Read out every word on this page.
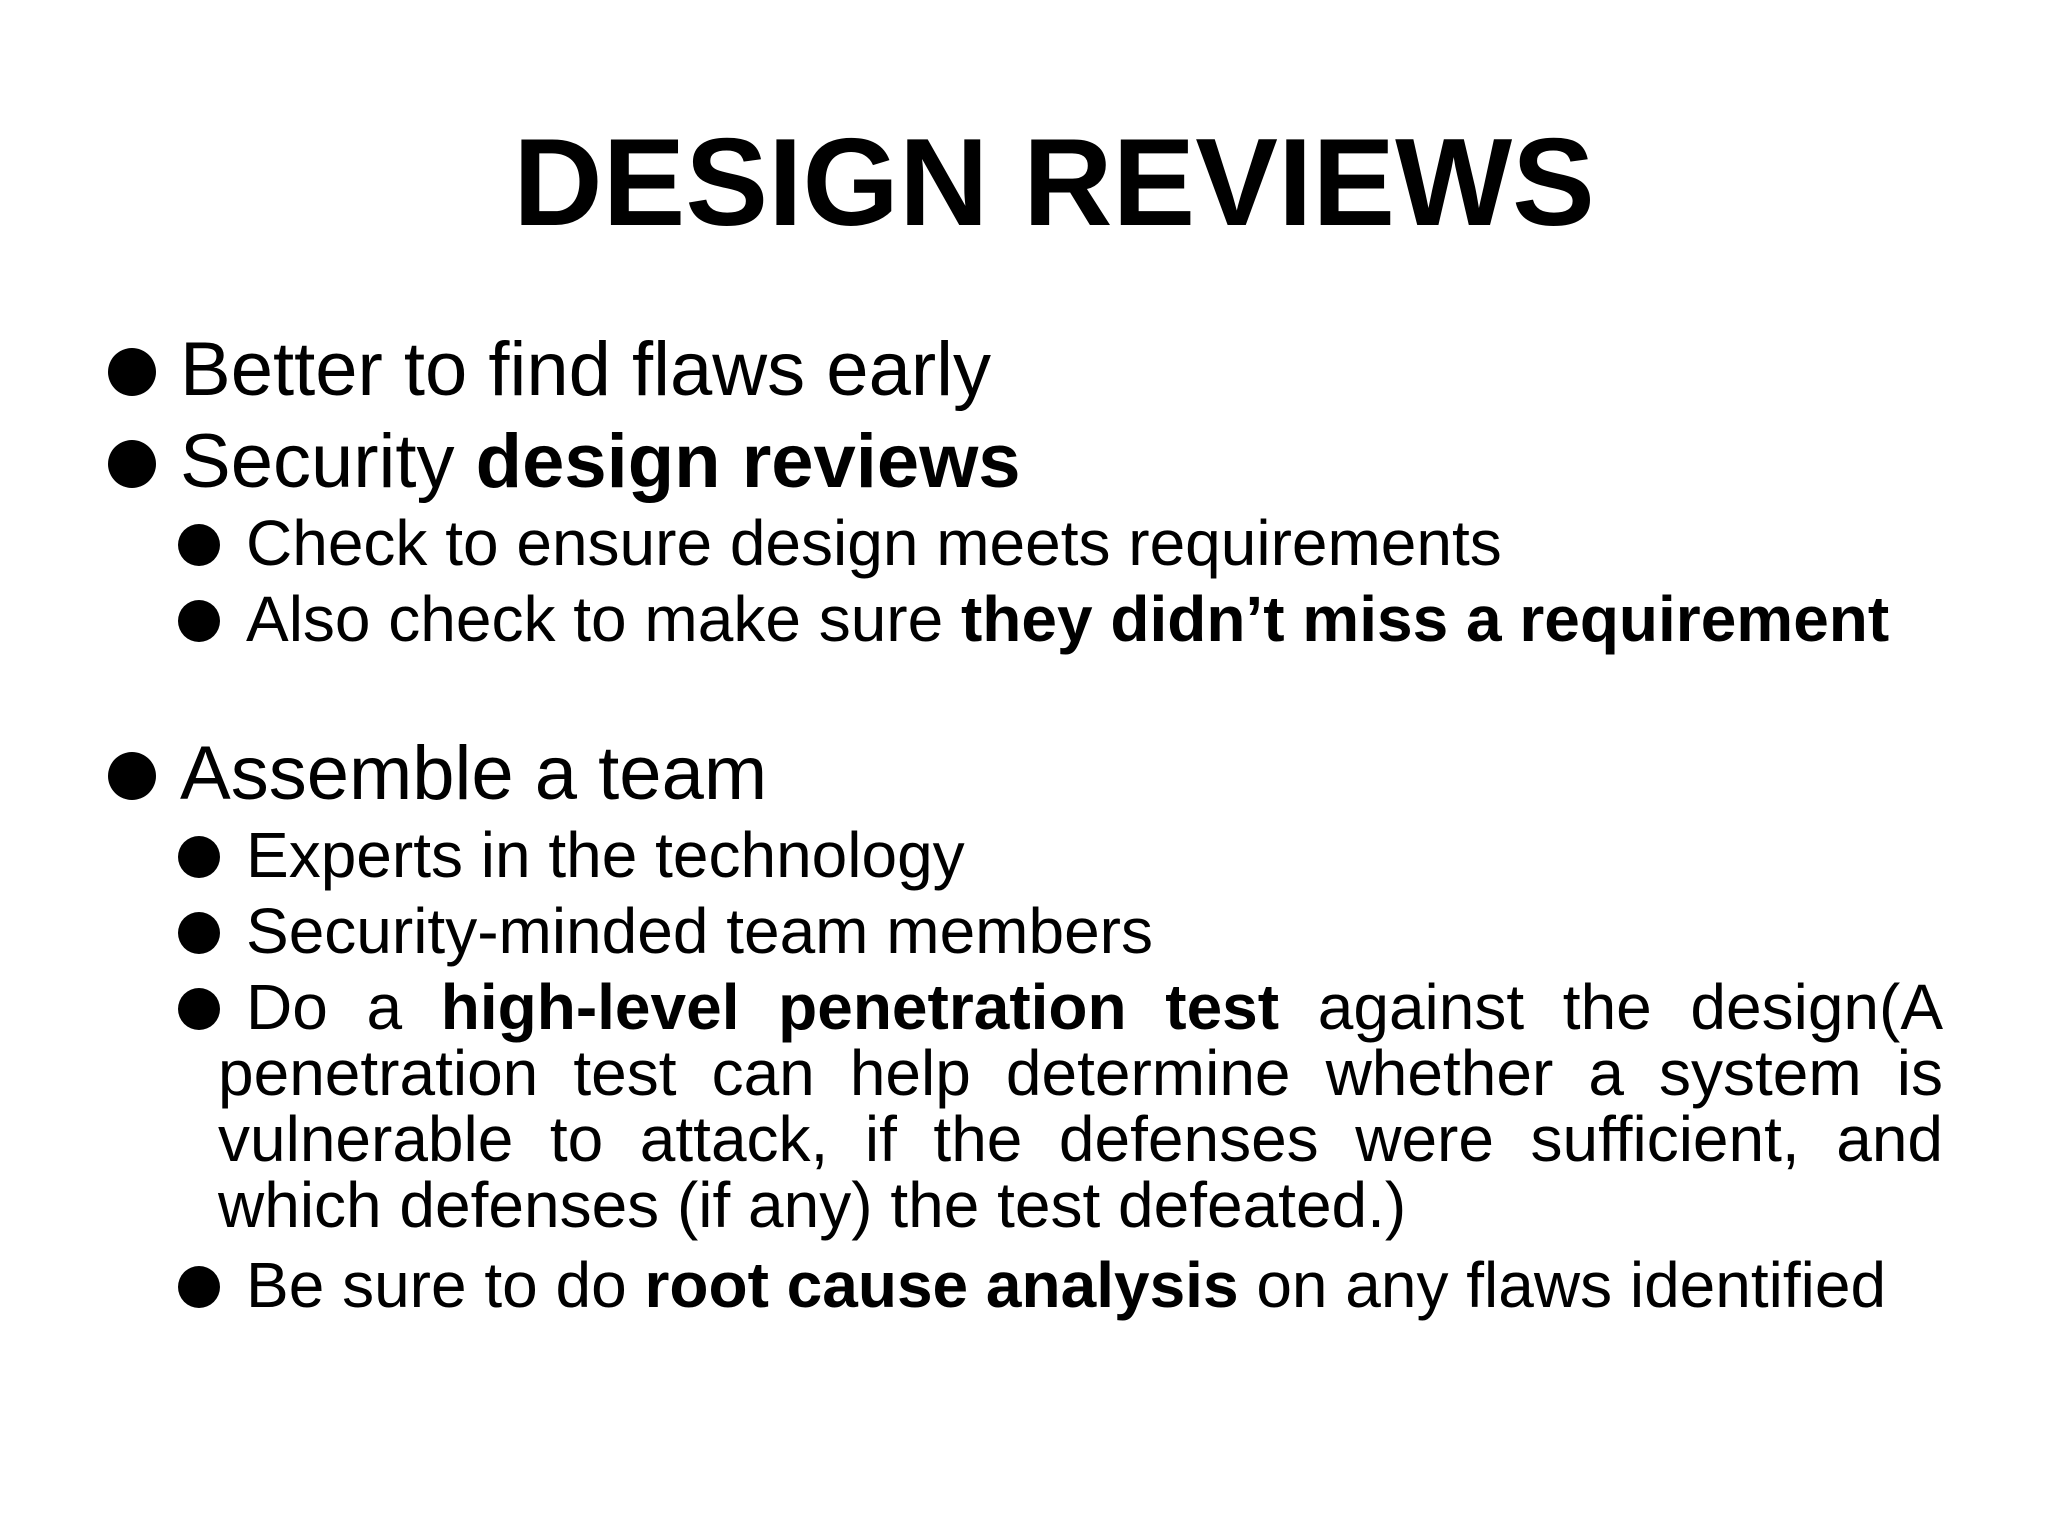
DESIGN REVIEWS
Better to find flaws early
Security design reviews
Check to ensure design meets requirements
Also check to make sure they didn’t miss a requirement
Assemble a team
Experts in the technology
Security-minded team members
Do a high-level penetration test against the design(A penetration test can help determine whether a system is vulnerable to attack, if the defenses were sufficient, and which defenses (if any) the test defeated.)
Be sure to do root cause analysis on any flaws identified
